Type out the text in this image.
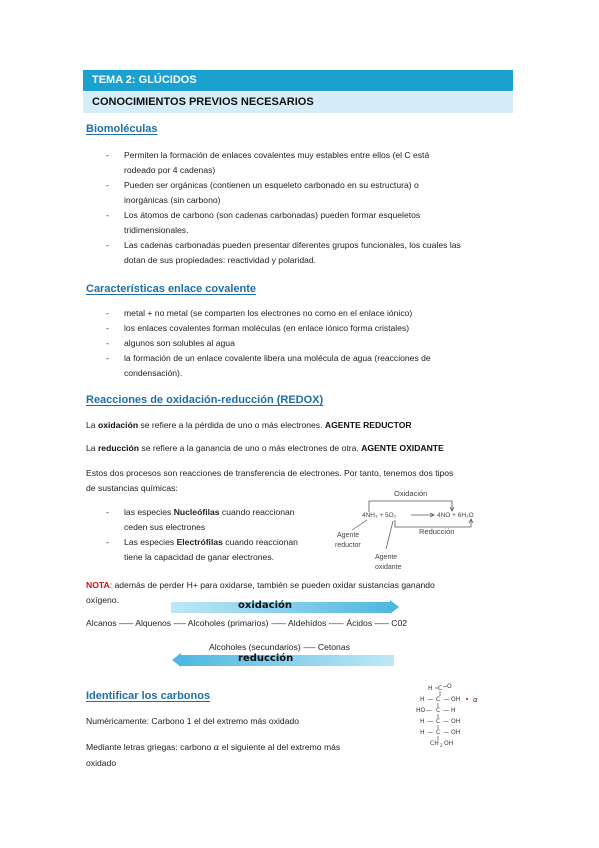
TEMA 2: GLÚCIDOS
CONOCIMIENTOS PREVIOS NECESARIOS
Biomoléculas
- Permiten la formación de enlaces covalentes muy estables entre ellos (el C está
rodeado por 4 cadenas)
- Pueden ser orgánicas (contienen un esqueleto carbonado en su estructura) o
inorgánicas (sin carbono)
- Los átomos de carbono (son cadenas carbonadas) pueden formar esqueletos
tridimensionales.
- Las cadenas carbonadas pueden presentar diferentes grupos funcionales, los cuales las
dotan de sus propiedades: reactividad y polaridad.
Características enlace covalente
- metal + no metal (se comparten los electrones no como en el enlace iónico)
- los enlaces covalentes forman moléculas (en enlace iónico forma cristales)
- algunos son solubles al agua
- la formación de un enlace covalente libera una molécula de agua (reacciones de
condensación).
Reacciones de oxidación-reducción (REDOX)
La oxidación se refiere a la pérdida de uno o más electrones. AGENTE REDUCTOR
La reducción se refiere a la ganancia de uno o más electrones de otra. AGENTE OXIDANTE
Estos dos procesos son reacciones de transferencia de electrones. Por tanto, tenemos dos tipos
de sustancias químicas:
- las especies Nucleófilas cuando reaccionan
ceden sus electrones
- Las especies Electrófilas cuando reaccionan
tiene la capacidad de ganar electrones.
Oxidación
4NH₃ + 5O₂	4NO + 6H₂O
Reducción
Agente
reductor
Agente
oxidante
NOTA: además de perder H+ para oxidarse, también se pueden oxidar sustancias ganando
oxígeno.	oxidación
Alcanos ––– Alquenos -–– Alcoholes (primarios) -––- Aldehídos -––- Ácidos ––– C02
Alcoholes (secundarios) -–– Cetonas
reducción
Identificar los carbonos
Numéricamente: Carbono 1 el del extremo más oxidado
Mediante letras griegas: carbono α el siguiente al del extremo más
oxidado
H C O
H — C — OH
HO — C — H
H — C — OH
H — C — OH
CH 2 OH
α
